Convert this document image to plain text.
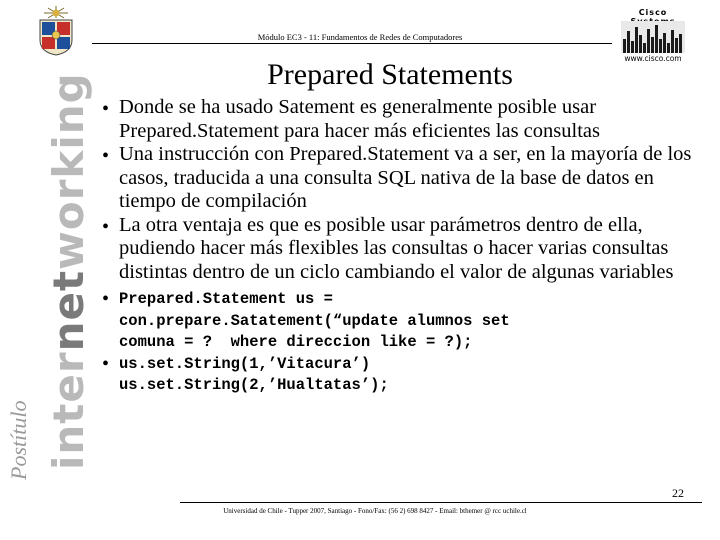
Módulo EC3 - 11: Fundamentos de Redes de Computadores
Cisco
www.cisco.com
Postítulo internetworking	Prepared Statements
• Donde se ha usado Satement es generalmente posible usar Prepared.Statement para hacer más eficientes las consultas
• Una instrucción con Prepared.Statement va a ser, en la mayoría de los casos, traducida a una consulta SQL nativa de la base de datos en tiempo de compilación
• La otra ventaja es que es posible usar parámetros dentro de ella, pudiendo hacer más flexibles las consultas o hacer varias consultas distintas dentro de un ciclo cambiando el valor de algunas variables
• Prepared.Statement us =
con.prepare.Satatement(“update alumnos set
comuna = ?  where direccion like = ?);
• us.set.String(1,’Vitacura’)
us.set.String(2,’Hualtatas’);
22
Universidad de Chile - Tupper 2007, Santiago - Fono/Fax: (56 2) 698 8427 - Email: bthemer @ rcc uchile.cl
